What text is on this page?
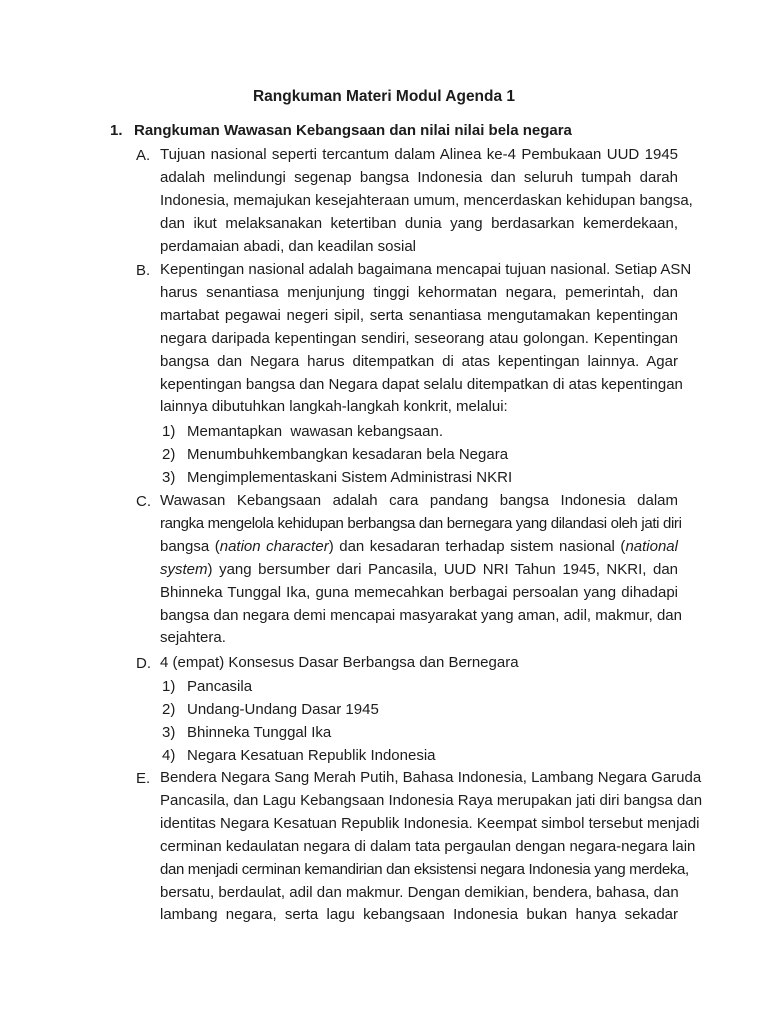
Rangkuman Materi Modul Agenda 1
1. Rangkuman Wawasan Kebangsaan dan nilai nilai bela negara
A. Tujuan nasional seperti tercantum dalam Alinea ke-4 Pembukaan UUD 1945
adalah melindungi segenap bangsa Indonesia dan seluruh tumpah darah
Indonesia, memajukan kesejahteraan umum, mencerdaskan kehidupan bangsa,
dan ikut melaksanakan ketertiban dunia yang berdasarkan kemerdekaan,
perdamaian abadi, dan keadilan sosial
B. Kepentingan nasional adalah bagaimana mencapai tujuan nasional. Setiap ASN
harus senantiasa menjunjung tinggi kehormatan negara, pemerintah, dan
martabat pegawai negeri sipil, serta senantiasa mengutamakan kepentingan
negara daripada kepentingan sendiri, seseorang atau golongan. Kepentingan
bangsa dan Negara harus ditempatkan di atas kepentingan lainnya. Agar
kepentingan bangsa dan Negara dapat selalu ditempatkan di atas kepentingan
lainnya dibutuhkan langkah-langkah konkrit, melalui:
1) Memantapkan  wawasan kebangsaan.
2) Menumbuhkembangkan kesadaran bela Negara
3) Mengimplementaskani Sistem Administrasi NKRI
C. Wawasan Kebangsaan adalah cara pandang bangsa Indonesia dalam
rangka mengelola kehidupan berbangsa dan bernegara yang dilandasi oleh jati diri
bangsa (nation character) dan kesadaran terhadap sistem nasional (national
system) yang bersumber dari Pancasila, UUD NRI Tahun 1945, NKRI, dan
Bhinneka Tunggal Ika, guna memecahkan berbagai persoalan yang dihadapi
bangsa dan negara demi mencapai masyarakat yang aman, adil, makmur, dan
sejahtera.
D. 4 (empat) Konsesus Dasar Berbangsa dan Bernegara
1) Pancasila
2) Undang-Undang Dasar 1945
3) Bhinneka Tunggal Ika
4) Negara Kesatuan Republik Indonesia
E. Bendera Negara Sang Merah Putih, Bahasa Indonesia, Lambang Negara Garuda
Pancasila, dan Lagu Kebangsaan Indonesia Raya merupakan jati diri bangsa dan
identitas Negara Kesatuan Republik Indonesia. Keempat simbol tersebut menjadi
cerminan kedaulatan negara di dalam tata pergaulan dengan negara-negara lain
dan menjadi cerminan kemandirian dan eksistensi negara Indonesia yang merdeka,
bersatu, berdaulat, adil dan makmur. Dengan demikian, bendera, bahasa, dan
lambang negara, serta lagu kebangsaan Indonesia bukan hanya sekadar
